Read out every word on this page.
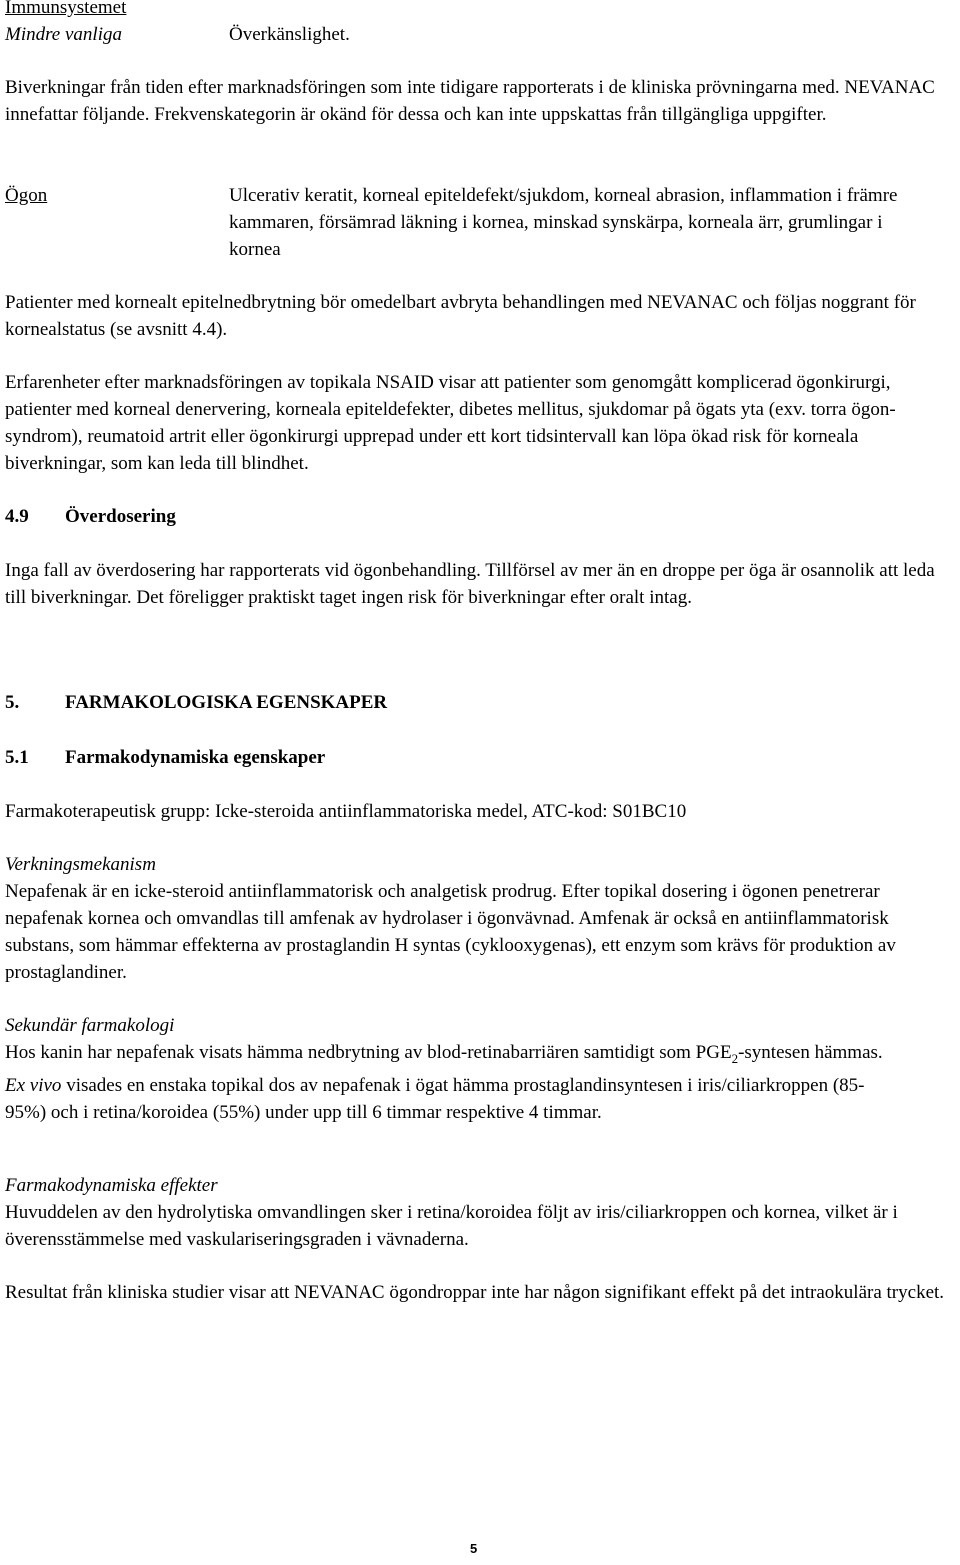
Immunsystemet
Mindre vanliga	Överkänslighet.

Biverkningar från tiden efter marknadsföringen som inte tidigare rapporterats i de kliniska prövningarna med. NEVANAC innefattar följande. Frekvenskategorin är okänd för dessa och kan inte uppskattas från tillgängliga uppgifter.

Ögon	Ulcerativ keratit, korneal epiteldefekt/sjukdom, korneal abrasion, inflammation i främre kammaren, försämrad läkning i kornea, minskad synskärpa, korneala ärr, grumlingar i kornea

Patienter med kornealt epitelnedbrytning bör omedelbart avbryta behandlingen med NEVANAC och följas noggrant för kornealstatus (se avsnitt 4.4).

Erfarenheter efter marknadsföringen av topikala NSAID visar att patienter som genomgått komplicerad ögonkirurgi, patienter med korneal denervering, korneala epiteldefekter, dibetes mellitus, sjukdomar på ögats yta (exv. torra ögon-syndrom), reumatoid artrit eller ögonkirurgi upprepad under ett kort tidsintervall kan löpa ökad risk för korneala biverkningar, som kan leda till blindhet.

4.9 Överdosering

Inga fall av överdosering har rapporterats vid ögonbehandling. Tillförsel av mer än en droppe per öga är osannolik att leda till biverkningar. Det föreligger praktiskt taget ingen risk för biverkningar efter oralt intag.

5. FARMAKOLOGISKA EGENSKAPER
5.1 Farmakodynamiska egenskaper

Farmakoterapeutisk grupp: Icke-steroida antiinflammatoriska medel, ATC-kod: S01BC10

Verkningsmekanism

Nepafenak är en icke-steroid antiinflammatorisk och analgetisk prodrug. Efter topikal dosering i ögonen penetrerar nepafenak kornea och omvandlas till amfenak av hydrolaser i ögonvävnad. Amfenak är också en antiinflammatorisk substans, som hämmar effekterna av prostaglandin H syntas (cyklooxygenas), ett enzym som krävs för produktion av prostaglandiner.

Sekundär farmakologi

Hos kanin har nepafenak visats hämma nedbrytning av blod-retinabarriären samtidigt som $PGE_2$-syntesen hämmas. Ex vivo visades en enstaka topikal dos av nepafenak i ögat hämma prostaglandinsyntesen i iris/ciliarkroppen (85-95%) och i retina/koroidea (55%) under upp till 6 timmar respektive 4 timmar.

Farmakodynamiska effekter

Huvuddelen av den hydrolytiska omvandlingen sker i retina/koroidea följt av iris/ciliarkroppen och kornea, vilket är i överensstämmelse med vaskulariseringsgraden i vävnaderna.

Resultat från kliniska studier visar att NEVANAC ögondroppar inte har någon signifikant effekt på det intraokulära trycket.

5
